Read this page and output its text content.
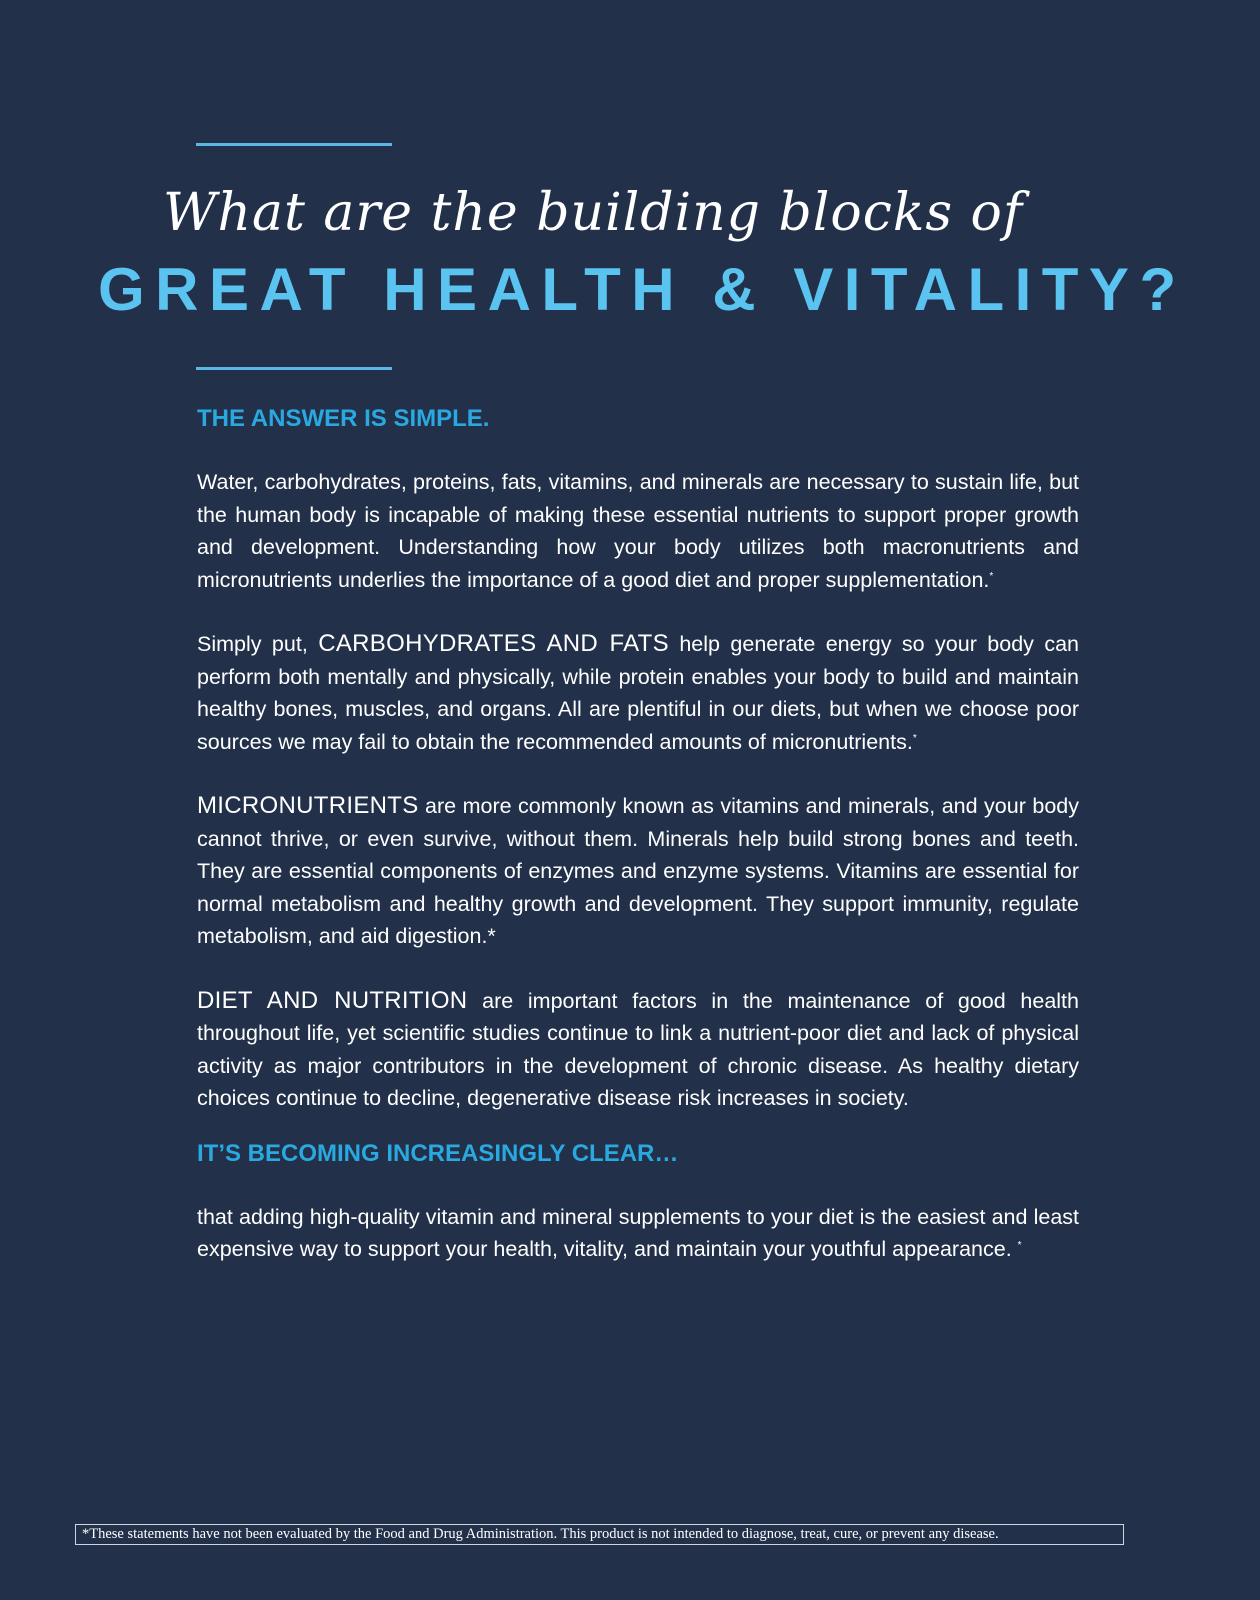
What are the building blocks of
GREAT HEALTH & VITALITY?
THE ANSWER IS SIMPLE.

Water, carbohydrates, proteins, fats, vitamins, and minerals are necessary to sustain life, but the human body is incapable of making these essential nutrients to support proper growth and development. Understanding how your body utilizes both macronutrients and micronutrients underlies the importance of a good diet and proper supplementation.*

Simply put, CARBOHYDRATES AND FATS help generate energy so your body can perform both mentally and physically, while protein enables your body to build and maintain healthy bones, muscles, and organs. All are plentiful in our diets, but when we choose poor sources we may fail to obtain the recommended amounts of micronutrients.*

MICRONUTRIENTS are more commonly known as vitamins and minerals, and your body cannot thrive, or even survive, without them. Minerals help build strong bones and teeth. They are essential components of enzymes and enzyme systems. Vitamins are essential for normal metabolism and healthy growth and development. They support immunity, regulate metabolism, and aid digestion.*

DIET AND NUTRITION are important factors in the maintenance of good health throughout life, yet scientific studies continue to link a nutrient-poor diet and lack of physical activity as major contributors in the development of chronic disease. As healthy dietary choices continue to decline, degenerative disease risk increases in society.

IT’S BECOMING INCREASINGLY CLEAR…

that adding high-quality vitamin and mineral supplements to your diet is the easiest and least expensive way to support your health, vitality, and maintain your youthful appearance. *

*These statements have not been evaluated by the Food and Drug Administration. This product is not intended to diagnose, treat, cure, or prevent any disease.
